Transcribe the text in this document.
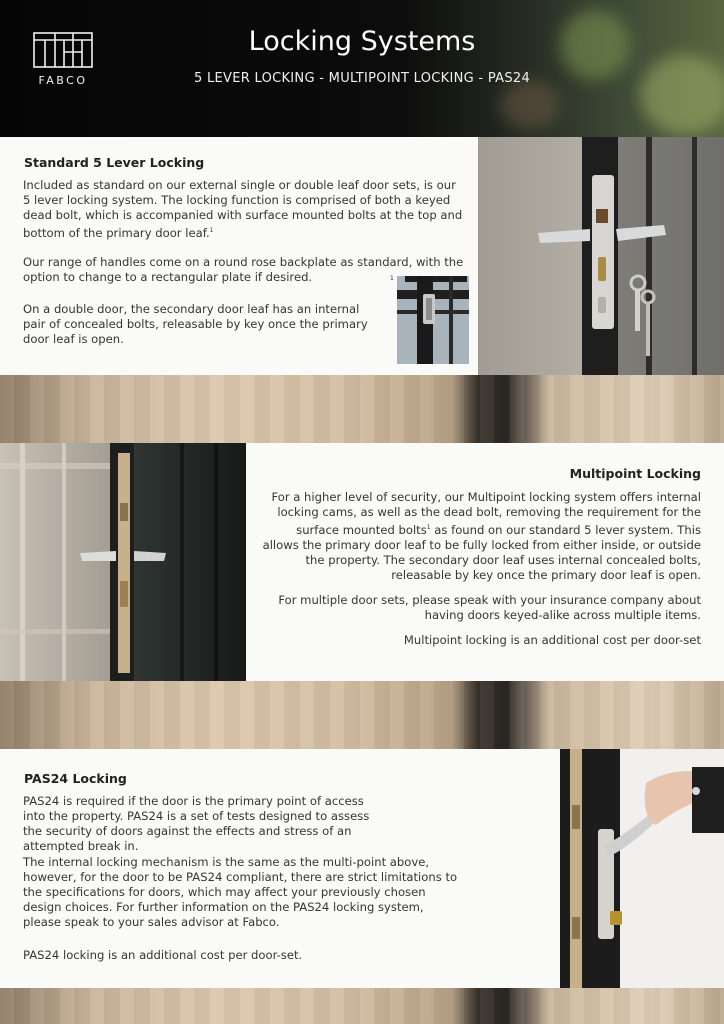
FABCO
Locking Systems
5 LEVER LOCKING - MULTIPOINT LOCKING - PAS24
Standard 5 Lever Locking

Included as standard on our external single or double leaf door sets, is our 5 lever locking system. The locking function is comprised of both a keyed dead bolt, which is accompanied with surface mounted bolts at the top and bottom of the primary door leaf.$^1$

Our range of handles come on a round rose backplate as standard, with the option to change to a rectangular plate if desired.

On a double door, the secondary door leaf has an internal pair of concealed bolts, releasable by key once the primary door leaf is open.

1
Multipoint Locking

For a higher level of security, our Multipoint locking system offers internal locking cams, as well as the dead bolt, removing the requirement for the surface mounted bolts$^1$ as found on our standard 5 lever system. This allows the primary door leaf to be fully locked from either inside, or outside the property. The secondary door leaf uses internal concealed bolts, releasable by key once the primary door leaf is open.

For multiple door sets, please speak with your insurance company about having doors keyed-alike across multiple items.

Multipoint locking is an additional cost per door-set

PAS24 Locking

PAS24 is required if the door is the primary point of access into the property. PAS24 is a set of tests designed to assess the security of doors against the effects and stress of an attempted break in.

The internal locking mechanism is the same as the multi-point above, however, for the door to be PAS24 compliant, there are strict limitations to the specifications for doors, which may affect your previously chosen design choices. For further information on the PAS24 locking system, please speak to your sales advisor at Fabco.

PAS24 locking is an additional cost per door-set.
